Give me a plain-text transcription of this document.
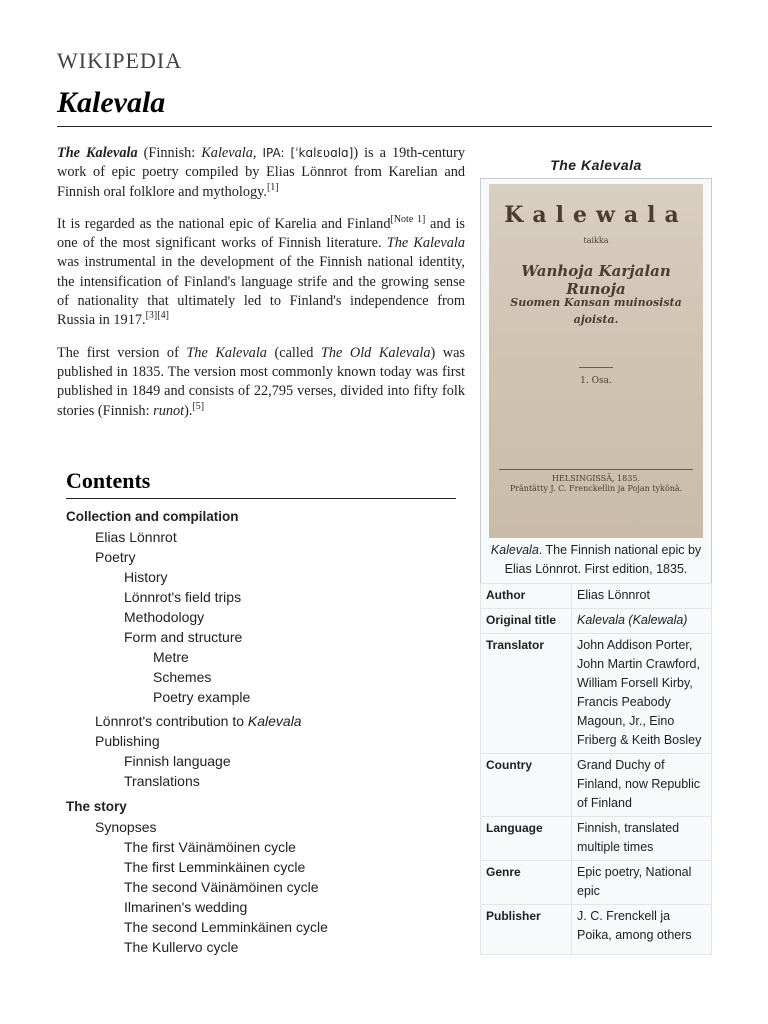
WIKIPEDIA
Kalevala

The Kalevala (Finnish: Kalevala, IPA: [ˈkɑlɛʋɑlɑ]) is a 19th-century work of epic poetry compiled by Elias Lönnrot from Karelian and Finnish oral folklore and mythology.[1]

It is regarded as the national epic of Karelia and Finland[Note 1] and is one of the most significant works of Finnish literature. The Kalevala was instrumental in the development of the Finnish national identity, the intensification of Finland's language strife and the growing sense of nationality that ultimately led to Finland's independence from Russia in 1917.[3][4]

The first version of The Kalevala (called The Old Kalevala) was published in 1835. The version most commonly known today was first published in 1849 and consists of 22,795 verses, divided into fifty folk stories (Finnish: runot).[5]

Contents
Collection and compilation
Elias Lönnrot
Poetry
History
Lönnrot's field trips
Methodology
Form and structure
Metre
Schemes
Poetry example
Lönnrot's contribution to Kalevala
Publishing
Finnish language
Translations
The story
Synopses
The first Väinämöinen cycle
The first Lemminkäinen cycle
The second Väinämöinen cycle
Ilmarinen's wedding
The second Lemminkäinen cycle
The Kullervo cycle
The Kalevala
Kalewala
taikka
Wanhoja Karjalan Runoja
Suomen Kansan muinosista
ajoista.
1. Osa.
HELSINGISSÄ, 1835.
Präntätty J. C. Frenckellin ja Pojan tykönä.
Kalevala. The Finnish national epic by Elias Lönnrot. First edition, 1835.
Author	Elias Lönnrot
Original title	Kalevala (Kalewala)
Translator	John Addison Porter, John Martin Crawford, William Forsell Kirby, Francis Peabody Magoun, Jr., Eino Friberg & Keith Bosley
Country	Grand Duchy of Finland, now Republic of Finland
Language	Finnish, translated multiple times
Genre	Epic poetry, National epic
Publisher	J. C. Frenckell ja Poika, among others
